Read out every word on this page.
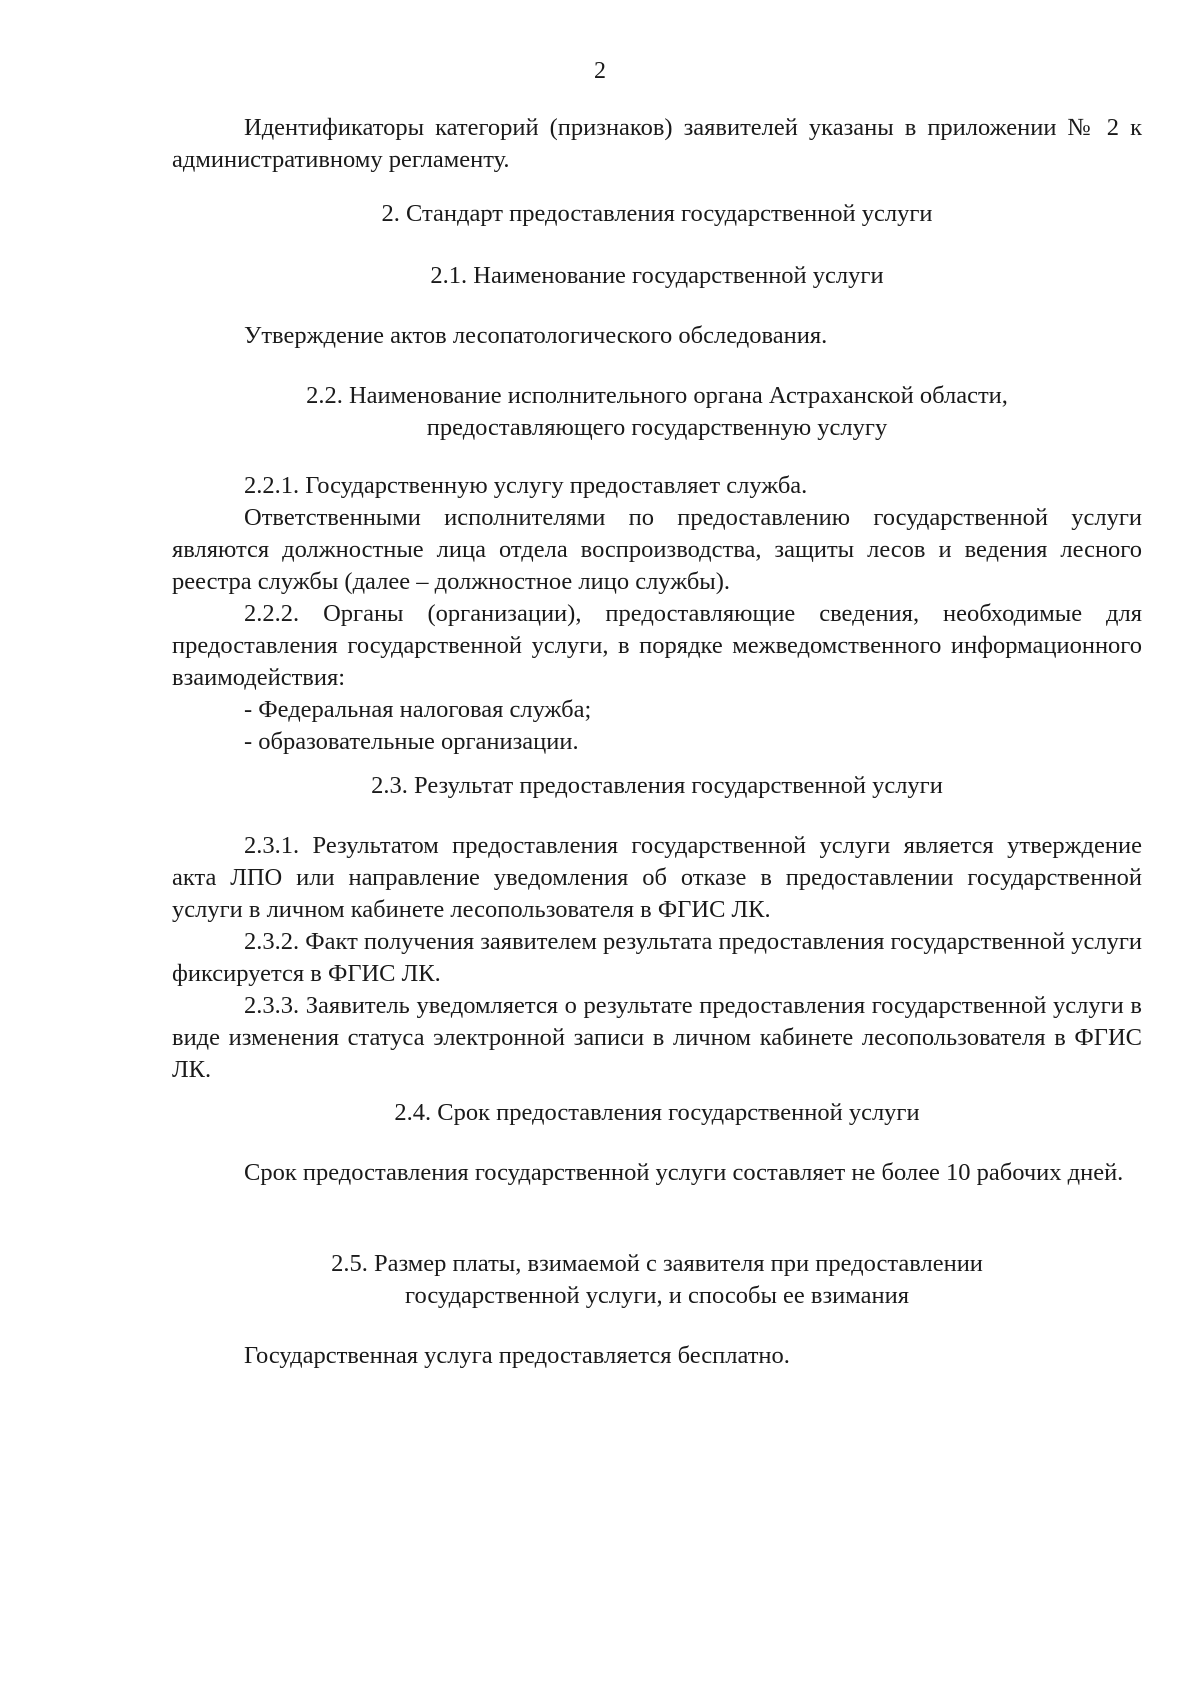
2

Идентификаторы категорий (признаков) заявителей указаны в приложении № 2 к административному регламенту.

2. Стандарт предоставления государственной услуги

2.1. Наименование государственной услуги

Утверждение актов лесопатологического обследования.

2.2. Наименование исполнительного органа Астраханской области,

предоставляющего государственную услугу

2.2.1. Государственную услугу предоставляет служба.

Ответственными исполнителями по предоставлению государственной услуги являются должностные лица отдела воспроизводства, защиты лесов и ведения лесного реестра службы (далее – должностное лицо службы).

2.2.2. Органы (организации), предоставляющие сведения, необходимые для предоставления государственной услуги, в порядке межведомственного информационного взаимодействия:

- Федеральная налоговая служба;

- образовательные организации.

2.3. Результат предоставления государственной услуги

2.3.1. Результатом предоставления государственной услуги является утверждение акта ЛПО или направление уведомления об отказе в предоставлении государственной услуги в личном кабинете лесопользователя в ФГИС ЛК.

2.3.2. Факт получения заявителем результата предоставления государственной услуги фиксируется в ФГИС ЛК.

2.3.3. Заявитель уведомляется о результате предоставления государственной услуги в виде изменения статуса электронной записи в личном кабинете лесопользователя в ФГИС ЛК.

2.4. Срок предоставления государственной услуги

Срок предоставления государственной услуги составляет не более 10 рабочих дней.

2.5. Размер платы, взимаемой с заявителя при предоставлении

государственной услуги, и способы ее взимания

Государственная услуга предоставляется бесплатно.
